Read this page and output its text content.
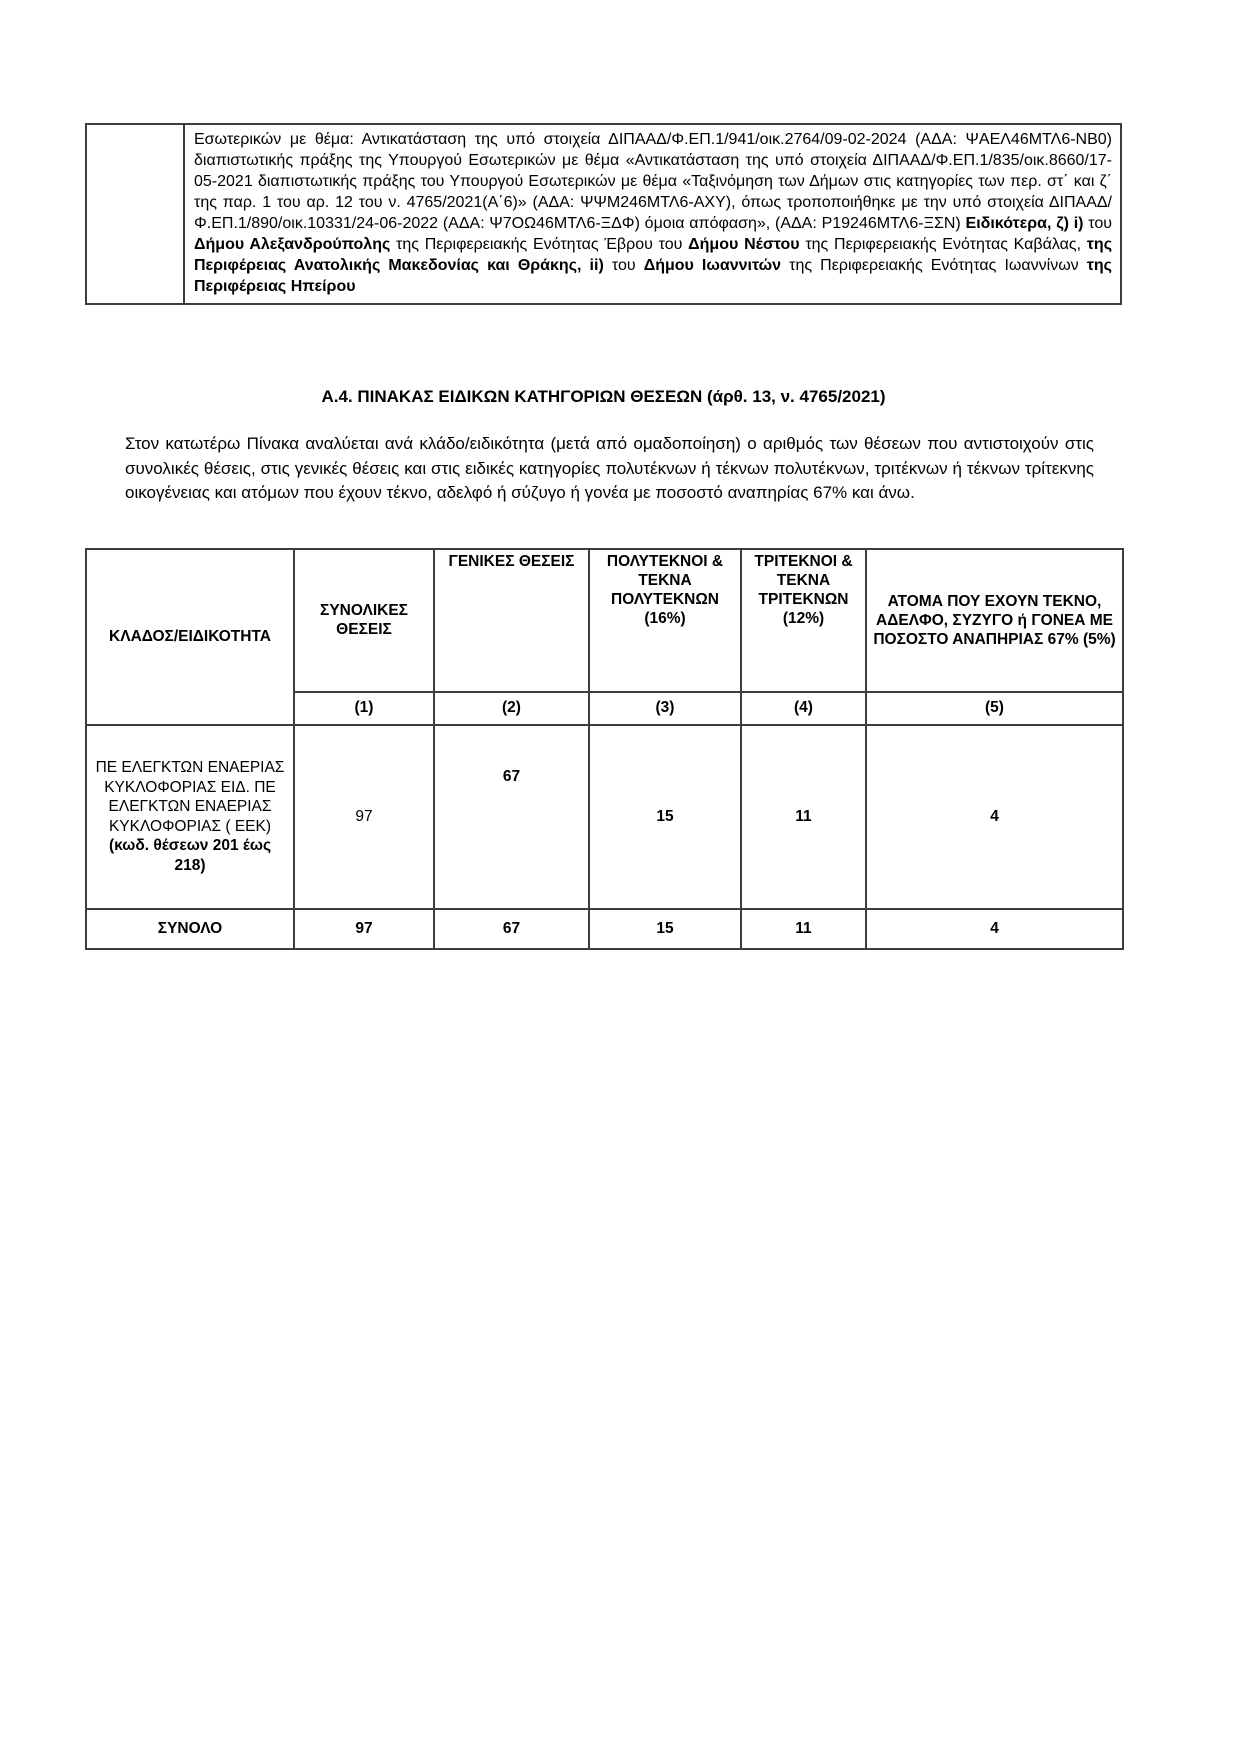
	Εσωτερικών με θέμα: Αντικατάσταση της υπό στοιχεία ΔΙΠΑΑΔ/Φ.ΕΠ.1/941/οικ.2764/09-02-2024 (ΑΔΑ: ΨΑΕΛ46ΜΤΛ6-ΝΒ0) διαπιστωτικής πράξης της Υπουργού Εσωτερικών με θέμα «Αντικατάσταση της υπό στοιχεία ΔΙΠΑΑΔ/Φ.ΕΠ.1/835/οικ.8660/17-05-2021 διαπιστωτικής πράξης του Υπουργού Εσωτερικών με θέμα «Ταξινόμηση των Δήμων στις κατηγορίες των περ. στ΄ και ζ΄ της παρ. 1 του αρ. 12 του ν. 4765/2021(Α΄6)» (ΑΔΑ: ΨΨΜ246ΜΤΛ6-ΑΧΥ), όπως τροποποιήθηκε με την υπό στοιχεία ΔΙΠΑΑΔ/Φ.ΕΠ.1/890/οικ.10331/24-06-2022 (ΑΔΑ: Ψ7ΟΩ46ΜΤΛ6-ΞΔΦ) όμοια απόφαση», (ΑΔΑ: Ρ19246ΜΤΛ6-ΞΣΝ) Ειδικότερα, ζ) i) του Δήμου Αλεξανδρούπολης της Περιφερειακής Ενότητας Έβρου του Δήμου Νέστου της Περιφερειακής Ενότητας Καβάλας, της Περιφέρειας Ανατολικής Μακεδονίας και Θράκης, ii) του Δήμου Ιωαννιτών της Περιφερειακής Ενότητας Ιωαννίνων της Περιφέρειας Ηπείρου
Α.4. ΠΙΝΑΚΑΣ ΕΙΔΙΚΩΝ ΚΑΤΗΓΟΡΙΩΝ ΘΕΣΕΩΝ (άρθ. 13, ν. 4765/2021)
Στον κατωτέρω Πίνακα αναλύεται ανά κλάδο/ειδικότητα (μετά από ομαδοποίηση) ο αριθμός των θέσεων που αντιστοιχούν στις συνολικές θέσεις, στις γενικές θέσεις και στις ειδικές κατηγορίες πολυτέκνων ή τέκνων πολυτέκνων, τριτέκνων ή τέκνων τρίτεκνης οικογένειας και ατόμων που έχουν τέκνο, αδελφό ή σύζυγο ή γονέα με ποσοστό αναπηρίας 67% και άνω.
ΚΛΑΔΟΣ/ΕΙΔΙΚΟΤΗΤΑ	ΣΥΝΟΛΙΚΕΣ ΘΕΣΕΙΣ	ΓΕΝΙΚΕΣ ΘΕΣΕΙΣ	ΠΟΛΥΤΕΚΝΟΙ & ΤΕΚΝΑ ΠΟΛΥΤΕΚΝΩΝ (16%)	ΤΡΙΤΕΚΝΟΙ & ΤΕΚΝΑ ΤΡΙΤΕΚΝΩΝ (12%)	ΑΤΟΜΑ ΠΟΥ ΕΧΟΥΝ ΤΕΚΝΟ, ΑΔΕΛΦΟ, ΣΥΖΥΓΟ ή ΓΟΝΕΑ ΜΕ ΠΟΣΟΣΤΟ ΑΝΑΠΗΡΙΑΣ 67% (5%)
	(1)	(2)	(3)	(4)	(5)
ΠΕ ΕΛΕΓΚΤΩΝ ΕΝΑΕΡΙΑΣ ΚΥΚΛΟΦΟΡΙΑΣ ΕΙΔ. ΠΕ ΕΛΕΓΚΤΩΝ ΕΝΑΕΡΙΑΣ ΚΥΚΛΟΦΟΡΙΑΣ ( ΕΕΚ) (κωδ. θέσεων 201 έως 218)	97	67	15	11	4
ΣΥΝΟΛΟ	97	67	15	11	4
